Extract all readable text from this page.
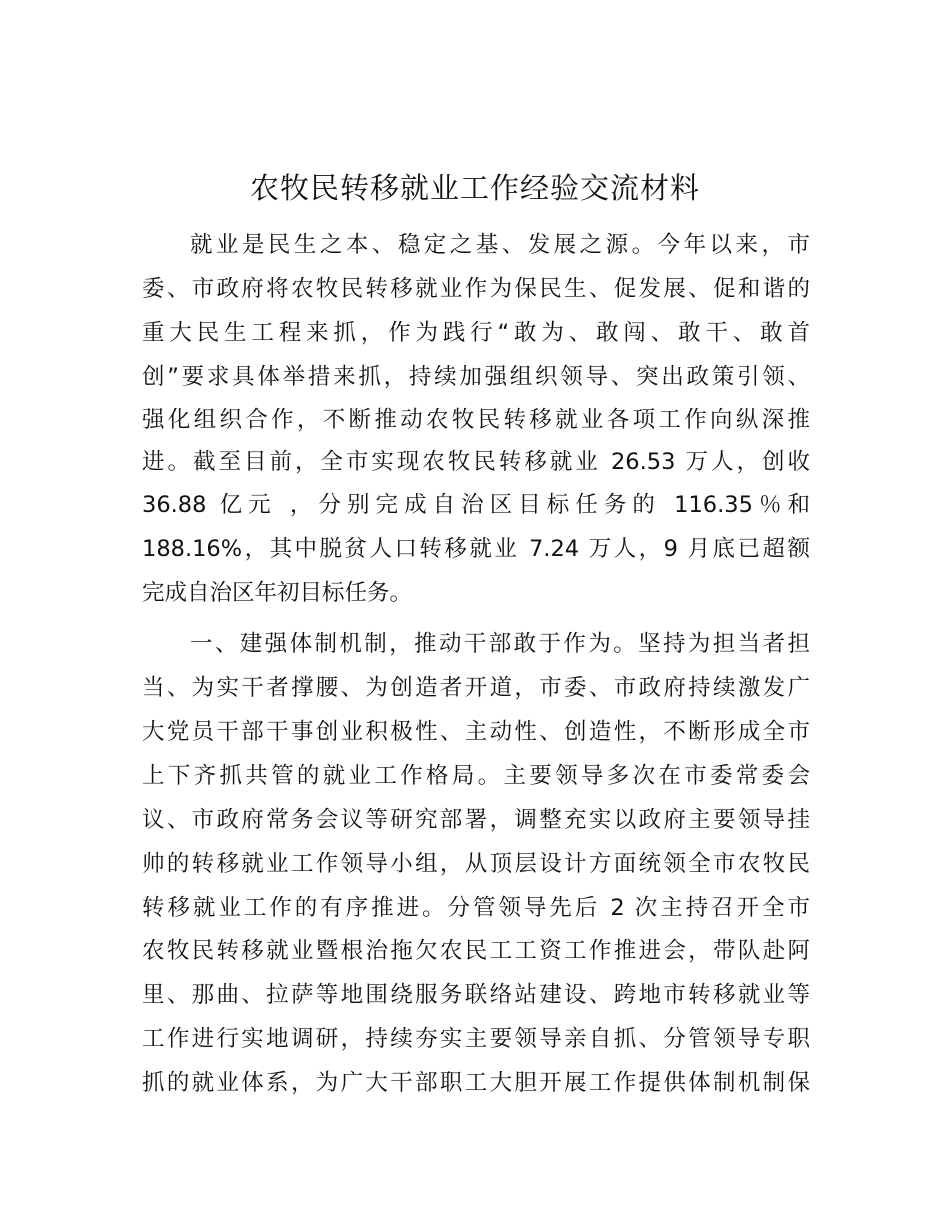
农牧民转移就业工作经验交流材料
就业是民生之本、稳定之基、发展之源。今年以来，市
委、市政府将农牧民转移就业作为保民生、促发展、促和谐的
重大民生工程来抓，作为践行“敢为、敢闯、敢干、敢首
创”要求具体举措来抓，持续加强组织领导、突出政策引领、
强化组织合作，不断推动农牧民转移就业各项工作向纵深推
进。截至目前，全市实现农牧民转移就业 26.53 万人，创收
36.88 亿元 ，分别完成自治区目标任务的 116.35％和
188.16%，其中脱贫人口转移就业 7.24 万人，9 月底已超额
完成自治区年初目标任务。
一、建强体制机制，推动干部敢于作为。坚持为担当者担
当、为实干者撑腰、为创造者开道，市委、市政府持续激发广
大党员干部干事创业积极性、主动性、创造性，不断形成全市
上下齐抓共管的就业工作格局。主要领导多次在市委常委会
议、市政府常务会议等研究部署，调整充实以政府主要领导挂
帅的转移就业工作领导小组，从顶层设计方面统领全市农牧民
转移就业工作的有序推进。分管领导先后 2 次主持召开全市
农牧民转移就业暨根治拖欠农民工工资工作推进会，带队赴阿
里、那曲、拉萨等地围绕服务联络站建设、跨地市转移就业等
工作进行实地调研，持续夯实主要领导亲自抓、分管领导专职
抓的就业体系，为广大干部职工大胆开展工作提供体制机制保
